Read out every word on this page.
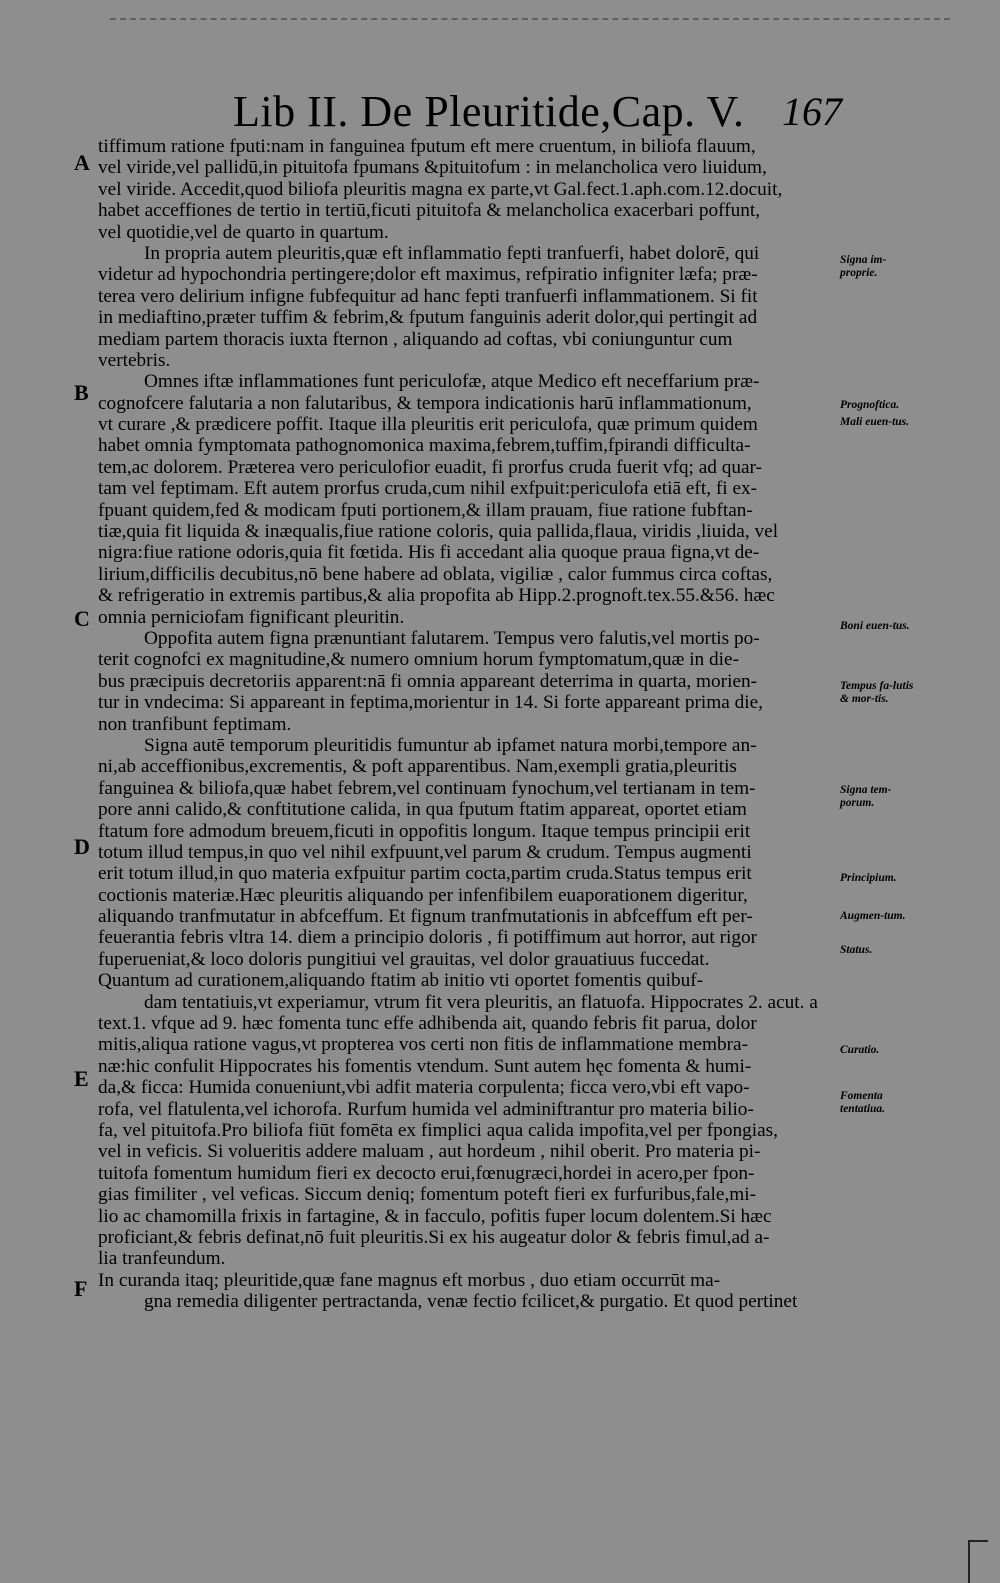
Lib II. De Pleuritide,Cap. V. 167
A
B
C
D
E
F
tiffimum ratione fputi:nam in fanguinea fputum eft mere cruentum, in biliofa flauum,
vel viride,vel pallidū,in pituitofa fpumans &pituitofum : in melancholica vero liuidum,
vel viride. Accedit,quod biliofa pleuritis magna ex parte,vt Gal.fect.1.aph.com.12.docuit,
habet acceffiones de tertio in tertiū,ficuti pituitofa & melancholica exacerbari poffunt,
vel quotidie,vel de quarto in quartum.
In propria autem pleuritis,quæ eft inflammatio fepti tranfuerfi, habet dolorē, qui
videtur ad hypochondria pertingere;dolor eft maximus, refpiratio infigniter læfa; præ-
terea vero delirium infigne fubfequitur ad hanc fepti tranfuerfi inflammationem. Si fit
in mediaftino,præter tuffim & febrim,& fputum fanguinis aderit dolor,qui pertingit ad
mediam partem thoracis iuxta fternon , aliquando ad coftas, vbi coniunguntur cum
vertebris.
Omnes iftæ inflammationes funt periculofæ, atque Medico eft neceffarium præ-
cognofcere falutaria a non falutaribus, & tempora indicationis harū inflammationum,
vt curare ,& prædicere poffit. Itaque illa pleuritis erit periculofa, quæ primum quidem
habet omnia fymptomata pathognomonica maxima,febrem,tuffim,fpirandi difficulta-
tem,ac dolorem. Præterea vero periculofior euadit, fi prorfus cruda fuerit vfq; ad quar-
tam vel feptimam. Eft autem prorfus cruda,cum nihil exfpuit:periculofa etiā eft, fi ex-
fpuant quidem,fed & modicam fputi portionem,& illam prauam, fiue ratione fubftan-
tiæ,quia fit liquida & inæqualis,fiue ratione coloris, quia pallida,flaua, viridis ,liuida, vel
nigra:fiue ratione odoris,quia fit fœtida. His fi accedant alia quoque praua figna,vt de-
lirium,difficilis decubitus,nō bene habere ad oblata, vigiliæ , calor fummus circa coftas,
& refrigeratio in extremis partibus,& alia propofita ab Hipp.2.prognoft.tex.55.&56. hæc
omnia perniciofam fignificant pleuritin.
Oppofita autem figna prænuntiant falutarem. Tempus vero falutis,vel mortis po-
terit cognofci ex magnitudine,& numero omnium horum fymptomatum,quæ in die-
bus præcipuis decretoriis apparent:nā fi omnia appareant deterrima in quarta, morien-
tur in vndecima: Si appareant in feptima,morientur in 14. Si forte appareant prima die,
non tranfibunt feptimam.
Signa autē temporum pleuritidis fumuntur ab ipfamet natura morbi,tempore an-
ni,ab acceffionibus,excrementis, & poft apparentibus. Nam,exempli gratia,pleuritis
fanguinea & biliofa,quæ habet febrem,vel continuam fynochum,vel tertianam in tem-
pore anni calido,& conftitutione calida, in qua fputum ftatim appareat, oportet etiam
ftatum fore admodum breuem,ficuti in oppofitis longum. Itaque tempus principii erit
totum illud tempus,in quo vel nihil exfpuunt,vel parum & crudum. Tempus augmenti
erit totum illud,in quo materia exfpuitur partim cocta,partim cruda.Status tempus erit
coctionis materiæ.Hæc pleuritis aliquando per infenfibilem euaporationem digeritur,
aliquando tranfmutatur in abfceffum. Et fignum tranfmutationis in abfceffum eft per-
feuerantia febris vltra 14. diem a principio doloris , fi potiffimum aut horror, aut rigor
fuperueniat,& loco doloris pungitiui vel grauitas, vel dolor grauatiuus fuccedat.
Quantum ad curationem,aliquando ftatim ab initio vti oportet fomentis quibuf-
dam tentatiuis,vt experiamur, vtrum fit vera pleuritis, an flatuofa. Hippocrates 2. acut. a
text.1. vfque ad 9. hæc fomenta tunc effe adhibenda ait, quando febris fit parua, dolor
mitis,aliqua ratione vagus,vt propterea vos certi non fitis de inflammatione membra-
næ:hic confulit Hippocrates his fomentis vtendum. Sunt autem hęc fomenta & humi-
da,& ficca: Humida conueniunt,vbi adfit materia corpulenta; ficca vero,vbi eft vapo-
rofa, vel flatulenta,vel ichorofa. Rurfum humida vel adminiftrantur pro materia bilio-
fa, vel pituitofa.Pro biliofa fiūt fomēta ex fimplici aqua calida impofita,vel per fpongias,
vel in veficis. Si volueritis addere maluam , aut hordeum , nihil oberit. Pro materia pi-
tuitofa fomentum humidum fieri ex decocto erui,fœnugræci,hordei in acero,per fpon-
gias fimiliter , vel veficas. Siccum deniq; fomentum poteft fieri ex furfuribus,fale,mi-
lio ac chamomilla frixis in fartagine, & in facculo, pofitis fuper locum dolentem.Si hæc
proficiant,& febris definat,nō fuit pleuritis.Si ex his augeatur dolor & febris fimul,ad a-
lia tranfeundum.
In curanda itaq; pleuritide,quæ fane magnus eft morbus , duo etiam occurrūt ma-
gna remedia diligenter pertractanda, venæ fectio fcilicet,& purgatio. Et quod pertinet
Signa im-proprie.
Prognoftica.
Mali euen-tus.
Boni euen-tus.
Tempus fa-lutis & mor-tis.
Signa tem-porum.
Principium.
Augmen-tum.
Status.
Curatio.
Fomenta tentatiua.
